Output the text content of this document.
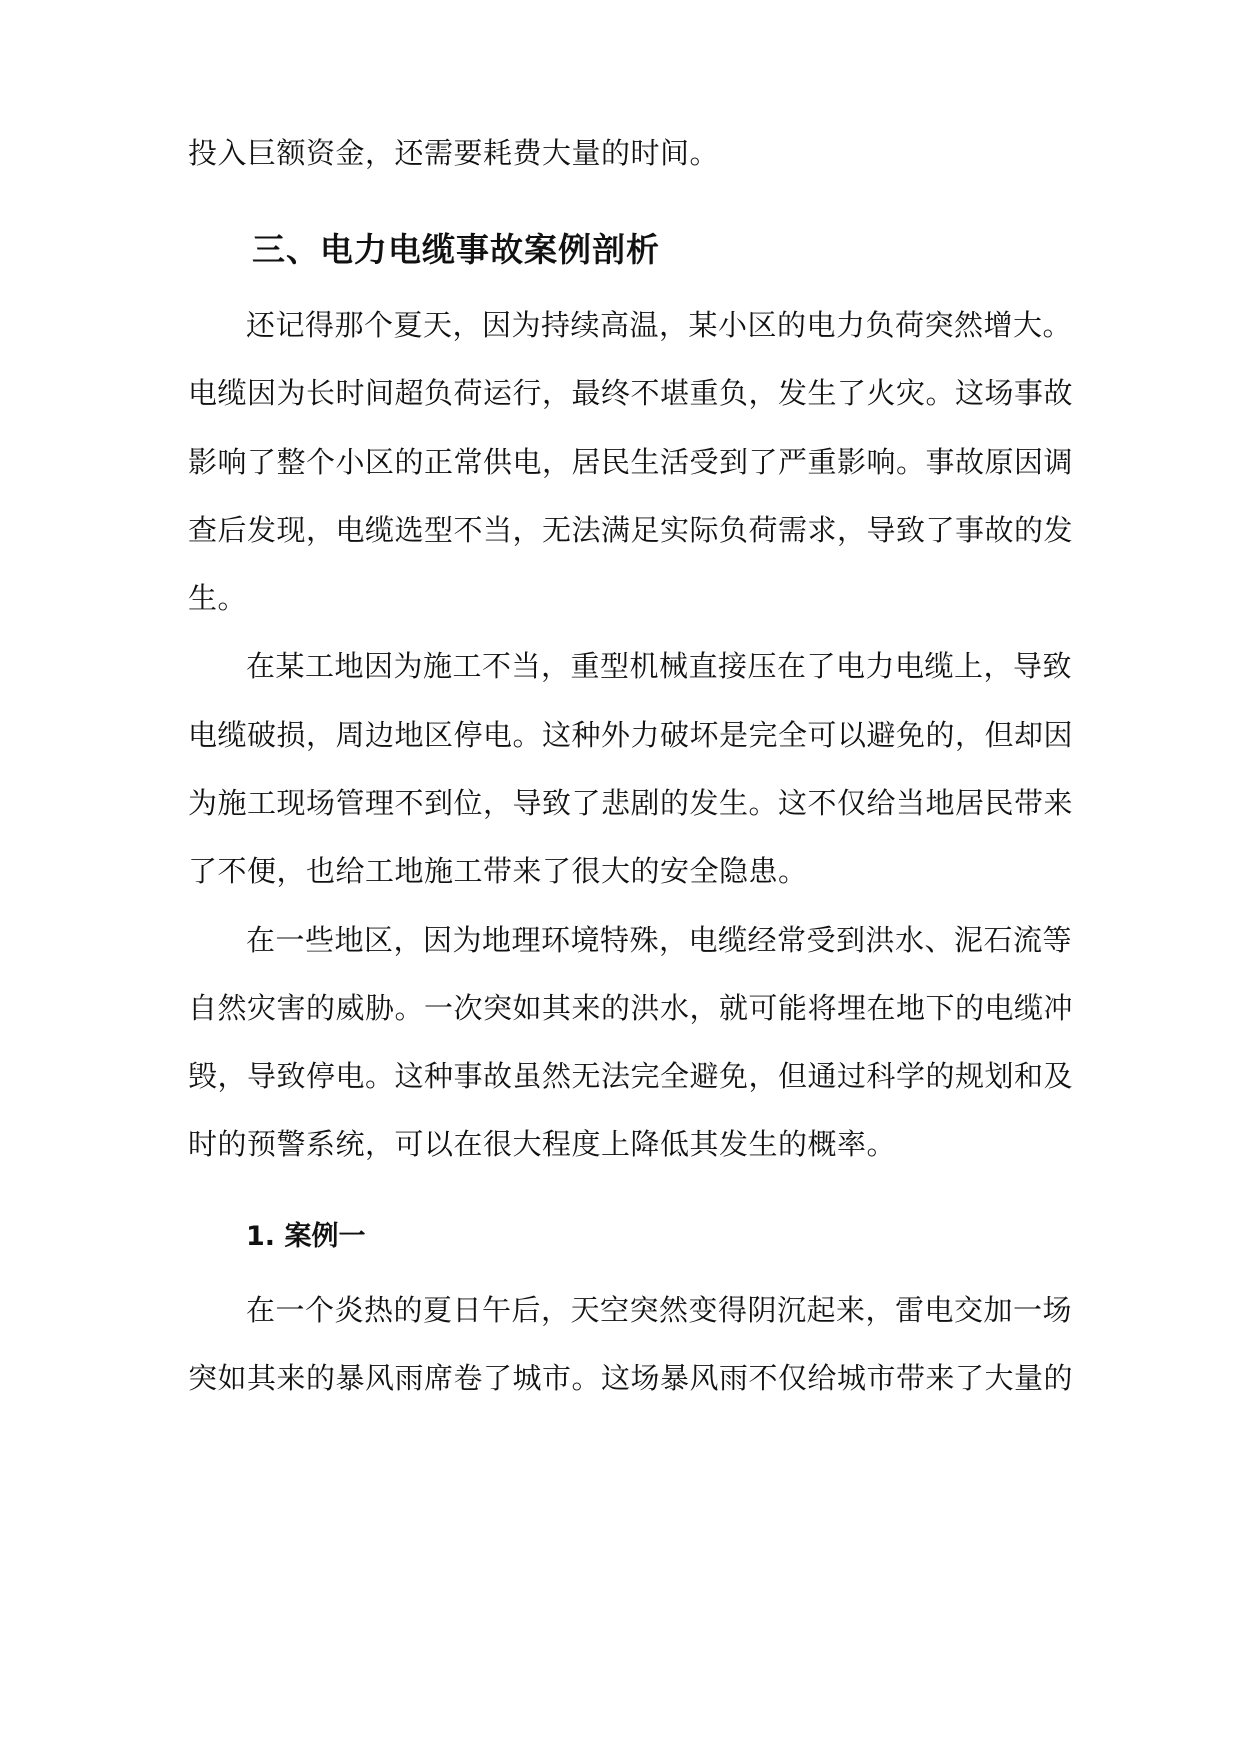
投入巨额资金，还需要耗费大量的时间。
三、电力电缆事故案例剖析
还记得那个夏天，因为持续高温，某小区的电力负荷突然增大。
电缆因为长时间超负荷运行，最终不堪重负，发生了火灾。这场事故
影响了整个小区的正常供电，居民生活受到了严重影响。事故原因调
查后发现，电缆选型不当，无法满足实际负荷需求，导致了事故的发
生。
在某工地因为施工不当，重型机械直接压在了电力电缆上，导致
电缆破损，周边地区停电。这种外力破坏是完全可以避免的，但却因
为施工现场管理不到位，导致了悲剧的发生。这不仅给当地居民带来
了不便，也给工地施工带来了很大的安全隐患。
在一些地区，因为地理环境特殊，电缆经常受到洪水、泥石流等
自然灾害的威胁。一次突如其来的洪水，就可能将埋在地下的电缆冲
毁，导致停电。这种事故虽然无法完全避免，但通过科学的规划和及
时的预警系统，可以在很大程度上降低其发生的概率。
1. 案例一
在一个炎热的夏日午后，天空突然变得阴沉起来，雷电交加一场
突如其来的暴风雨席卷了城市。这场暴风雨不仅给城市带来了大量的
